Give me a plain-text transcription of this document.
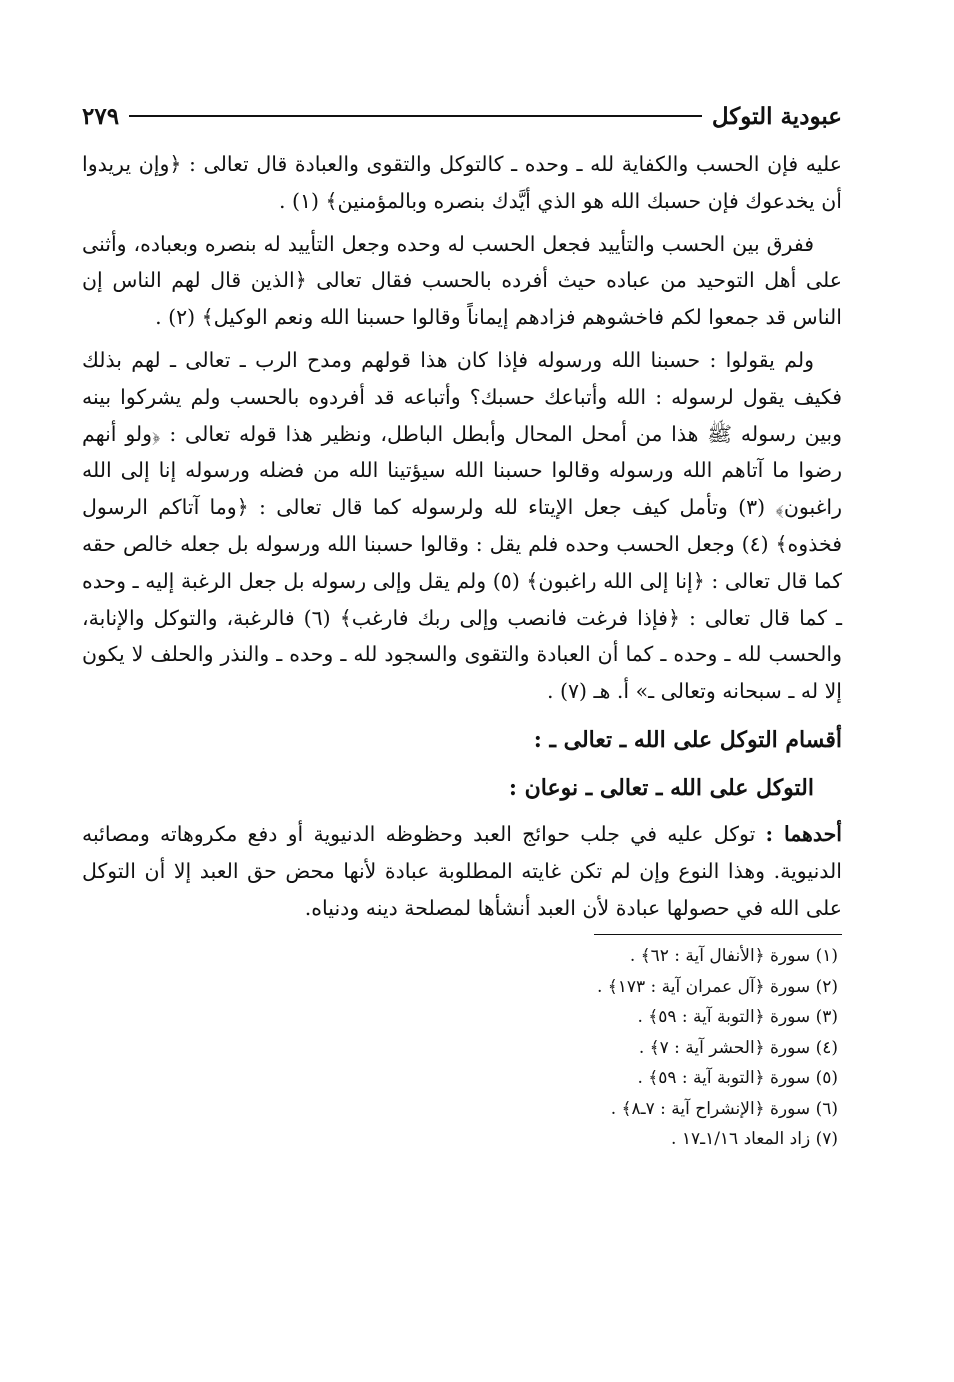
عبودية التوكل
٢٧٩

عليه فإن الحسب والكفاية لله ـ وحده ـ كالتوكل والتقوى والعبادة قال تعالى : ﴿وإن يريدوا أن يخدعوك فإن حسبك الله هو الذي أيَّدك بنصره وبالمؤمنين﴾ (١) .

ففرق بين الحسب والتأييد فجعل الحسب له وحده وجعل التأييد له بنصره وبعباده، وأثنى على أهل التوحيد من عباده حيث أفرده بالحسب فقال تعالى ﴿الذين قال لهم الناس إن الناس قد جمعوا لكم فاخشوهم فزادهم إيماناً وقالوا حسبنا الله ونعم الوكيل﴾ (٢) .

ولم يقولوا : حسبنا الله ورسوله فإذا كان هذا قولهم ومدح الرب ـ تعالى ـ لهم بذلك فكيف يقول لرسوله : الله وأتباعك حسبك؟ وأتباعه قد أفردوه بالحسب ولم يشركوا بينه وبين رسوله ﷺ هذا من أمحل المحال وأبطل الباطل، ونظير هذا قوله تعالى : ﴿ولو أنهم رضوا ما آتاهم الله ورسوله وقالوا حسبنا الله سيؤتينا الله من فضله ورسوله إنا إلى الله راغبون﴾ (٣) وتأمل كيف جعل الإيتاء لله ولرسوله كما قال تعالى : ﴿وما آتاكم الرسول فخذوه﴾ (٤) وجعل الحسب وحده فلم يقل : وقالوا حسبنا الله ورسوله بل جعله خالص حقه كما قال تعالى : ﴿إنا إلى الله راغبون﴾ (٥) ولم يقل وإلى رسوله بل جعل الرغبة إليه ـ وحده ـ كما قال تعالى : ﴿فإذا فرغت فانصب وإلى ربك فارغب﴾ (٦) فالرغبة، والتوكل والإنابة، والحسب لله ـ وحده ـ كما أن العبادة والتقوى والسجود لله ـ وحده ـ والنذر والحلف لا يكون إلا له ـ سبحانه وتعالى ـ» أ. هـ (٧) .

أقسام التوكل على الله ـ تعالى ـ :
التوكل على الله ـ تعالى ـ نوعان :

أحدهما : توكل عليه في جلب حوائج العبد وحظوظه الدنيوية أو دفع مكروهاته ومصائبه الدنيوية. وهذا النوع وإن لم تكن غايته المطلوبة عبادة لأنها محض حق العبد إلا أن التوكل على الله في حصولها عبادة لأن العبد أنشأها لمصلحة دينه ودنياه.

(١) سورة ﴿الأنفال آية : ٦٢﴾ .
(٢) سورة ﴿آل عمران آية : ١٧٣﴾ .
(٣) سورة ﴿التوبة آية : ٥٩﴾ .
(٤) سورة ﴿الحشر آية : ٧﴾ .
(٥) سورة ﴿التوبة آية : ٥٩﴾ .
(٦) سورة ﴿الإنشراح آية : ٧ـ٨﴾ .
(٧) زاد المعاد ١/١٦ـ١٧ .
